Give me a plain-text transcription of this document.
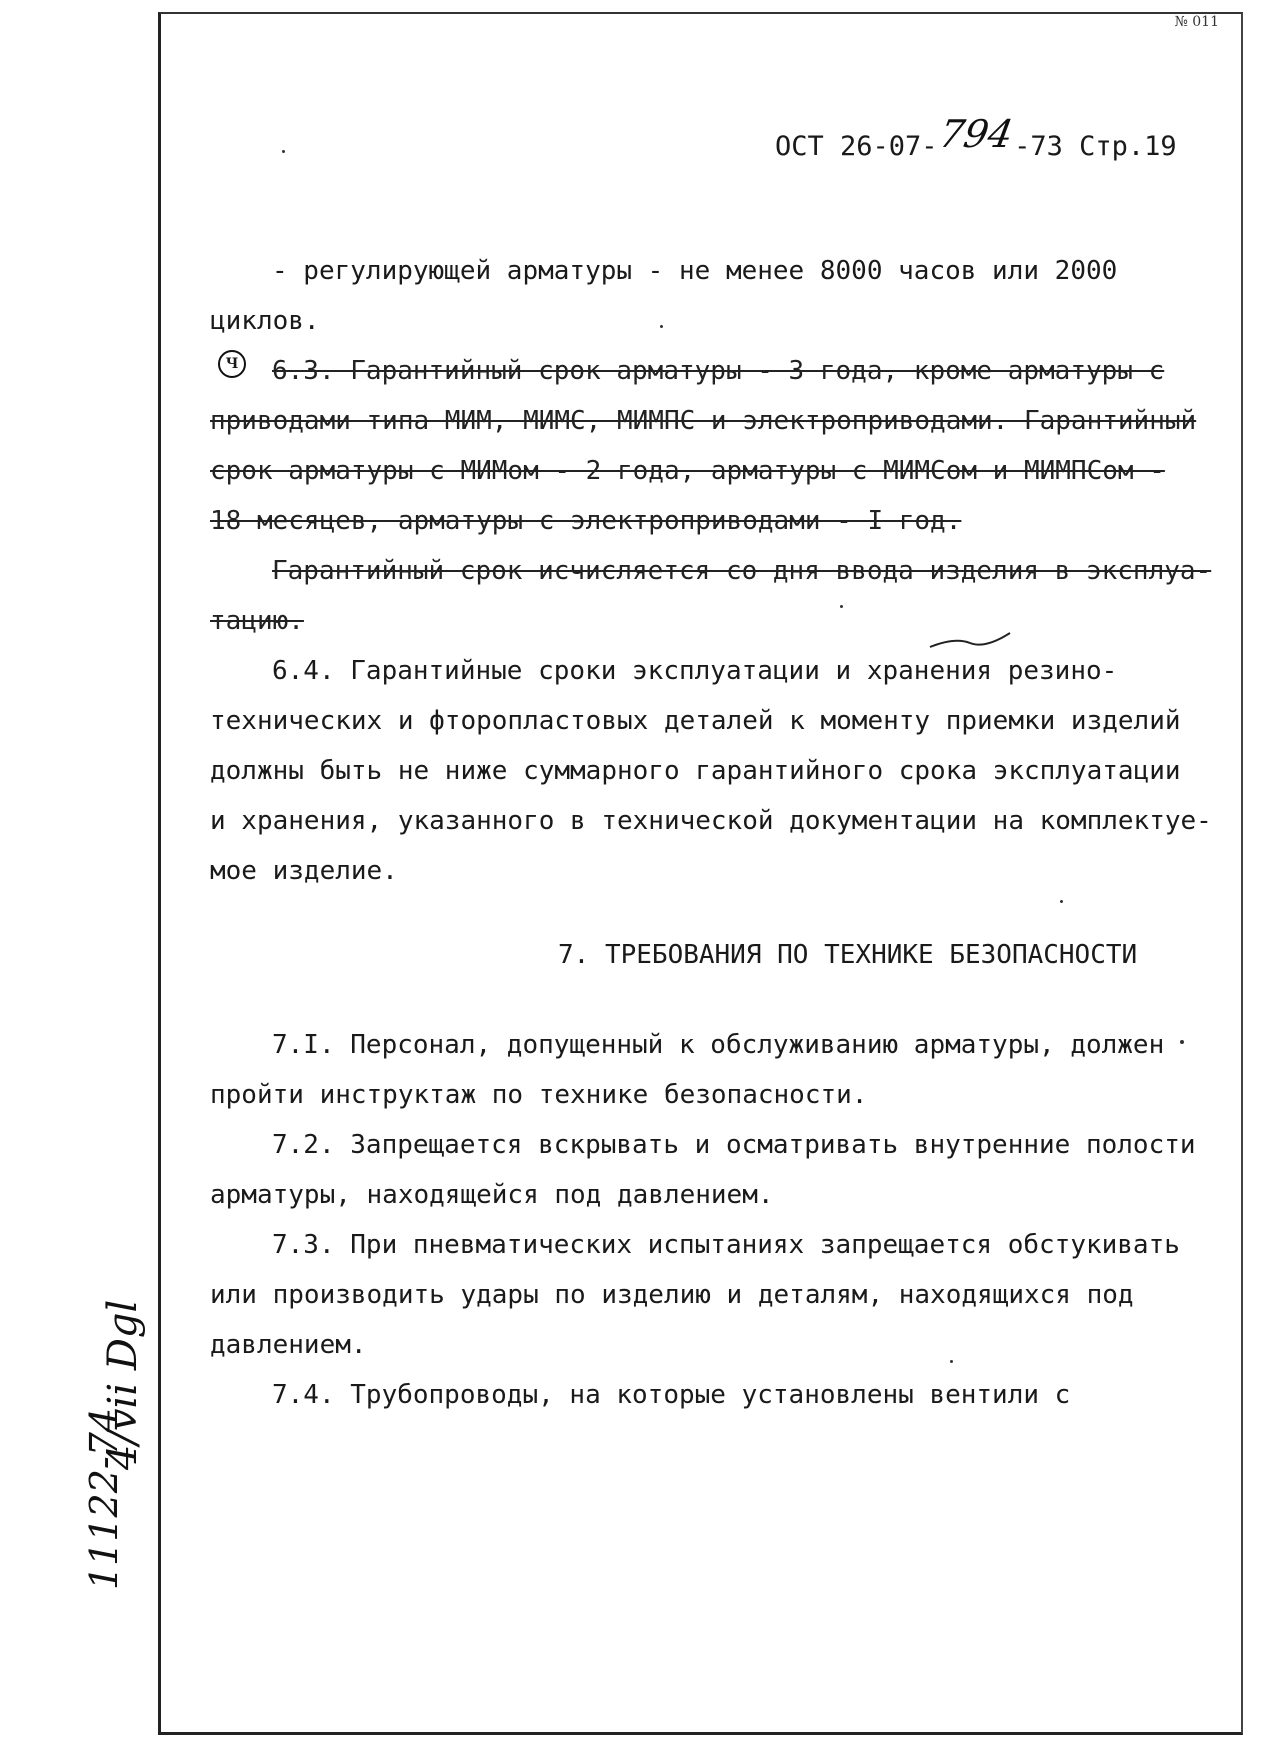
№ 011
ОСТ 26-07-794-73 Стр.19
Ч
- регулирующей арматуры - не менее 8000 часов или 2000
циклов.
6.3. Гарантийный срок арматуры - 3 года, кроме арматуры с
приводами типа МИМ, МИМС, МИМПС и электроприводами. Гарантийный
срок арматуры с МИМом - 2 года, арматуры с МИМСом и МИМПСом -
18 месяцев, арматуры с электроприводами - I год.
Гарантийный срок исчисляется со дня ввода изделия в эксплуа-
тацию.
6.4. Гарантийные сроки эксплуатации и хранения резино-
технических и фторопластовых деталей к моменту приемки изделий
должны быть не ниже суммарного гарантийного срока эксплуатации
и хранения, указанного в технической документации на комплектуе-
мое изделие.
7. ТРЕБОВАНИЯ ПО ТЕХНИКЕ БЕЗОПАСНОСТИ
7.I. Персонал, допущенный к обслуживанию арматуры, должен
пройти инструктаж по технике безопасности.
7.2. Запрещается вскрывать и осматривать внутренние полости
арматуры, находящейся под давлением.
7.3. При пневматических испытаниях запрещается обстукивать
или производить удары по изделию и деталям, находящихся под
давлением.
7.4. Трубопроводы, на которые установлены вентили с
11122-74
4/vii Dgl
